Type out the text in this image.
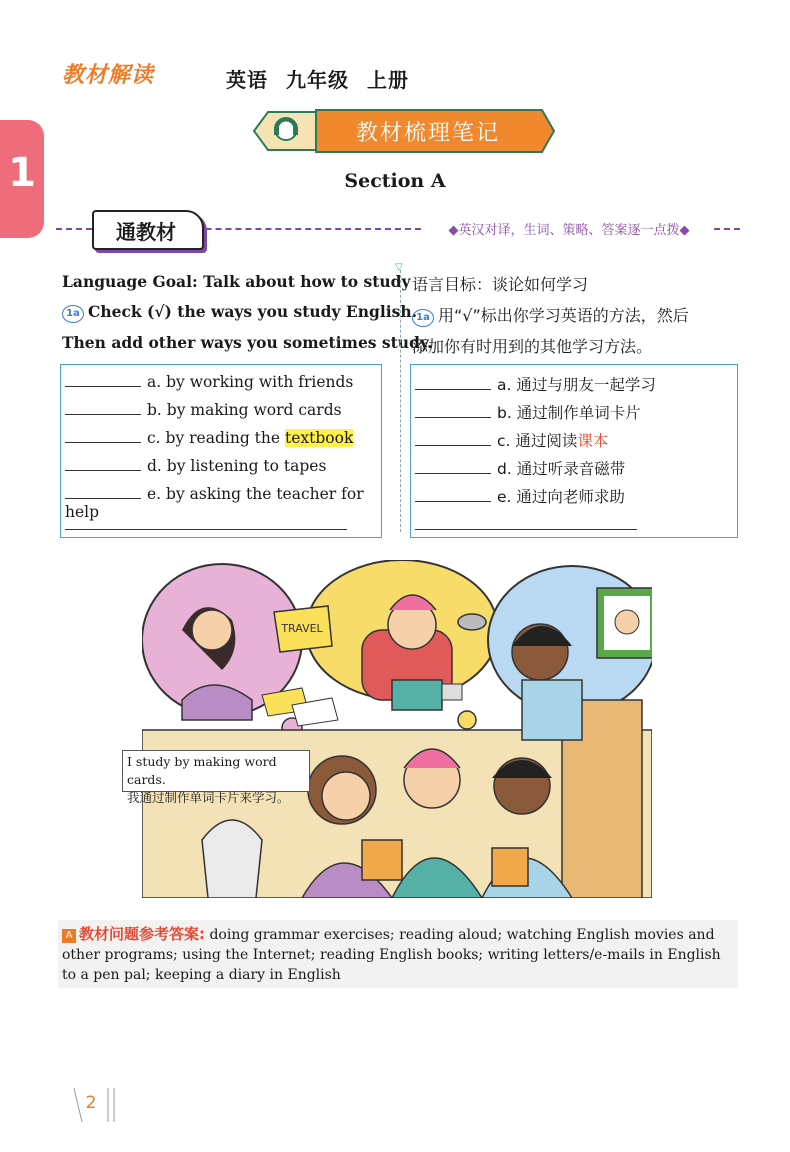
教材解读	英语 九年级 上册
1
教材梳理笔记
Section A
通教材	◆英汉对译，生词、策略、答案逐一点拨◆
Language Goal: Talk about how to study
1a Check (√) the ways you study English.
Then add other ways you sometimes study.
▽
语言目标：谈论如何学习
1a 用“√”标出你学习英语的方法，然后
添加你有时用到的其他学习方法。
a. by working with friends
b. by making word cards
c. by reading the textbook
d. by listening to tapes
e. by asking the teacher for help
a. 通过与朋友一起学习
b. 通过制作单词卡片
c. 通过阅读课本
d. 通过听录音磁带
e. 通过向老师求助
TRAVEL
I study by making word cards.
我通过制作单词卡片来学习。
A 教材问题参考答案: doing grammar exercises; reading aloud; watching English movies and other programs; using the Internet; reading English books; writing letters/e-mails in English to a pen pal; keeping a diary in English
2
